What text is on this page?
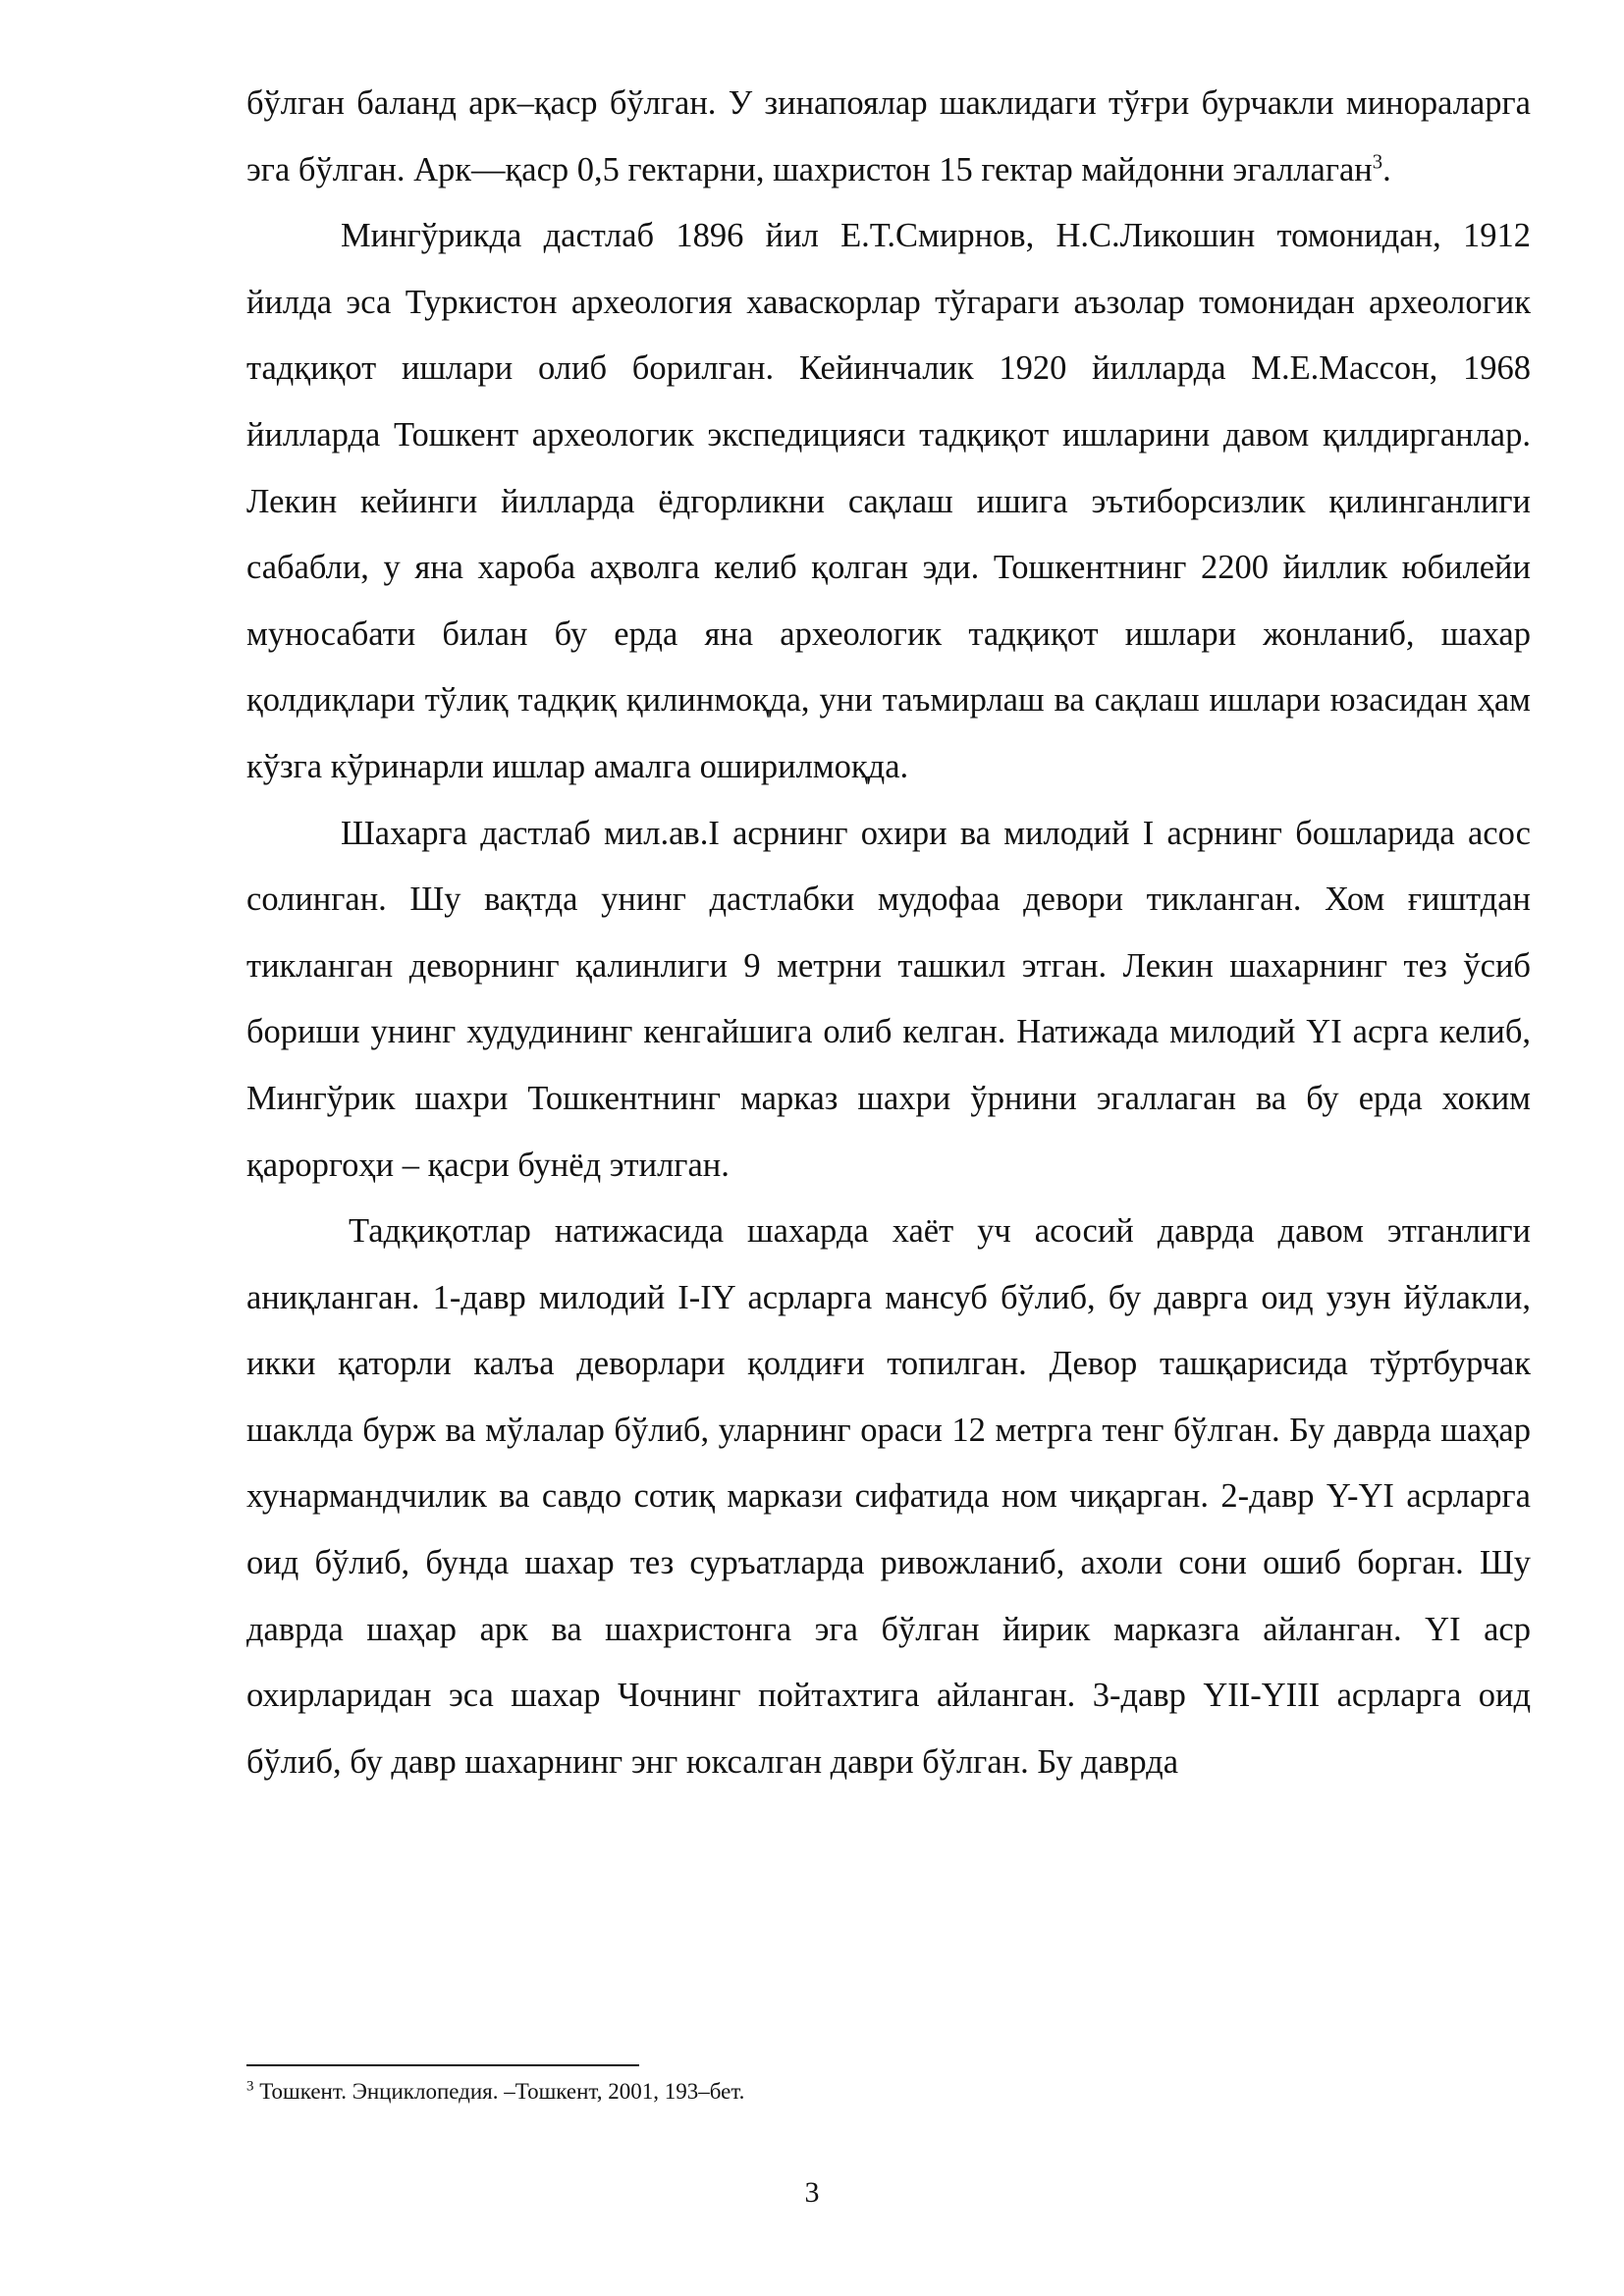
бўлган баланд арк–қаср бўлган. У зинапоялар шаклидаги тўғри бурчакли минораларга эга бўлган. Арк—қаср 0,5 гектарни, шахристон 15 гектар майдонни эгаллаган$^3$.

Мингўрикда дастлаб 1896 йил Е.Т.Смирнов, Н.С.Ликошин томонидан, 1912 йилда эса Туркистон археология хаваскорлар тўгараги аъзолар томонидан археологик тадқиқот ишлари олиб борилган. Кейинчалик 1920 йилларда М.Е.Массон, 1968 йилларда Тошкент археологик экспедицияси тадқиқот ишларини давом қилдирганлар. Лекин кейинги йилларда ёдгорликни сақлаш ишига эътиборсизлик қилинганлиги сабабли, у яна хароба аҳволга келиб қолган эди. Тошкентнинг 2200 йиллик юбилейи муносабати билан бу ерда яна археологик тадқиқот ишлари жонланиб, шахар қолдиқлари тўлиқ тадқиқ қилинмоқда, уни таъмирлаш ва сақлаш ишлари юзасидан ҳам кўзга кўринарли ишлар амалга оширилмоқда.

Шахарга дастлаб мил.ав.I асрнинг охири ва милодий I асрнинг бошларида асос солинган. Шу вақтда унинг дастлабки мудофаа девори тикланган. Хом ғиштдан тикланган деворнинг қалинлиги 9 метрни ташкил этган. Лекин шахарнинг тез ўсиб бориши унинг худудининг кенгайшига олиб келган. Натижада милодий YI асрга келиб, Мингўрик шахри Тошкентнинг марказ шахри ўрнини эгаллаган ва бу ерда хоким қароргоҳи – қасри бунёд этилган.

Тадқиқотлар натижасида шахарда хаёт уч асосий даврда давом этганлиги аниқланган. 1-давр милодий I-IY асрларга мансуб бўлиб, бу даврга оид узун йўлакли, икки қаторли калъа деворлари қолдиғи топилган. Девор ташқарисида тўртбурчак шаклда бурж ва мўлалар бўлиб, уларнинг ораси 12 метрга тенг бўлган. Бу даврда шаҳар хунармандчилик ва савдо сотиқ маркази сифатида ном чиқарган. 2-давр Y-YI асрларга оид бўлиб, бунда шахар тез суръатларда ривожланиб, ахоли сони ошиб борган. Шу даврда шаҳар арк ва шахристонга эга бўлган йирик марказга айланган. YI аср охирларидан эса шахар Чочнинг пойтахтига айланган. 3-давр YII-YIII асрларга оид бўлиб, бу давр шахарнинг энг юксалган даври бўлган. Бу даврда

$^3$ Тошкент. Энциклопедия. –Тошкент, 2001, 193–бет.
3
